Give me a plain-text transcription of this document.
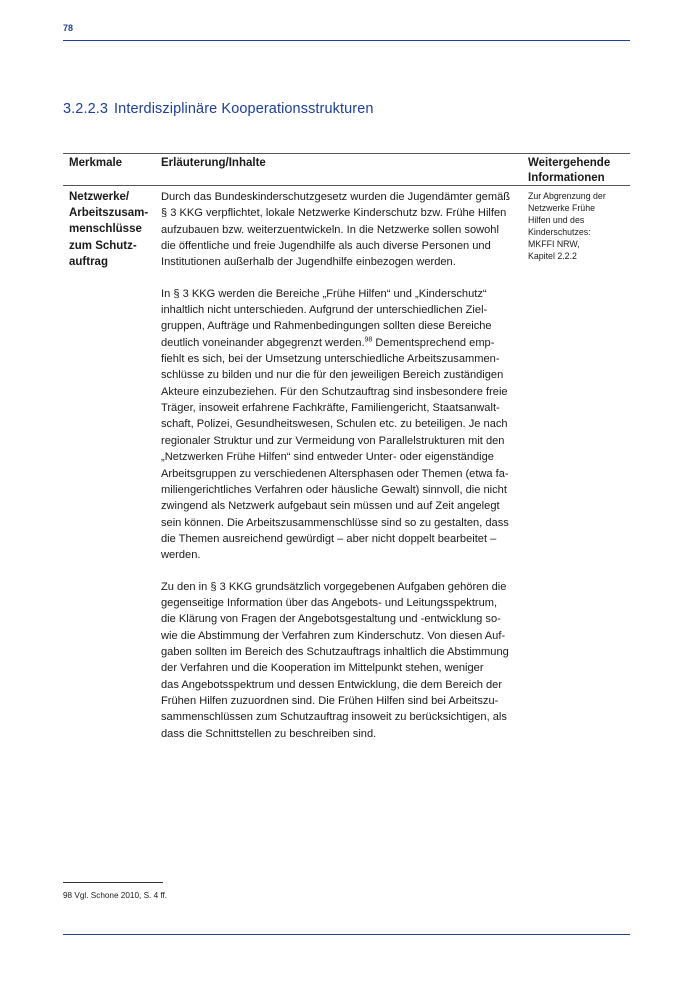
78
3.2.2.3 Interdisziplinäre Kooperationsstrukturen
Merkmale	Erläuterung/Inhalte	Weitergehende Informationen
Netzwerke/
Arbeitszusam-
menschlüsse
zum Schutz-
auftrag

Durch das Bundeskinderschutzgesetz wurden die Jugendämter gemäß
§ 3 KKG verpflichtet, lokale Netzwerke Kinderschutz bzw. Frühe Hilfen
aufzubauen bzw. weiterzuentwickeln. In die Netzwerke sollen sowohl
die öffentliche und freie Jugendhilfe als auch diverse Personen und
Institutionen außerhalb der Jugendhilfe einbezogen werden.

In § 3 KKG werden die Bereiche „Frühe Hilfen“ und „Kinderschutz“
inhaltlich nicht unterschieden. Aufgrund der unterschiedlichen Ziel-
gruppen, Aufträge und Rahmenbedingungen sollten diese Bereiche
deutlich voneinander abgegrenzt werden.$^{98}$ Dementsprechend emp-
fiehlt es sich, bei der Umsetzung unterschiedliche Arbeitszusammen-
schlüsse zu bilden und nur die für den jeweiligen Bereich zuständigen
Akteure einzubeziehen. Für den Schutzauftrag sind insbesondere freie
Träger, insoweit erfahrene Fachkräfte, Familiengericht, Staatsanwalt-
schaft, Polizei, Gesundheitswesen, Schulen etc. zu beteiligen. Je nach
regionaler Struktur und zur Vermeidung von Parallelstrukturen mit den
„Netzwerken Frühe Hilfen“ sind entweder Unter- oder eigenständige
Arbeitsgruppen zu verschiedenen Altersphasen oder Themen (etwa fa-
miliengerichtliches Verfahren oder häusliche Gewalt) sinnvoll, die nicht
zwingend als Netzwerk aufgebaut sein müssen und auf Zeit angelegt
sein können. Die Arbeitszusammenschlüsse sind so zu gestalten, dass
die Themen ausreichend gewürdigt – aber nicht doppelt bearbeitet –
werden.

Zu den in § 3 KKG grundsätzlich vorgegebenen Aufgaben gehören die
gegenseitige Information über das Angebots- und Leitungsspektrum,
die Klärung von Fragen der Angebotsgestaltung und -entwicklung so-
wie die Abstimmung der Verfahren zum Kinderschutz. Von diesen Auf-
gaben sollten im Bereich des Schutzauftrags inhaltlich die Abstimmung
der Verfahren und die Kooperation im Mittelpunkt stehen, weniger
das Angebotsspektrum und dessen Entwicklung, die dem Bereich der
Frühen Hilfen zuzuordnen sind. Die Frühen Hilfen sind bei Arbeitszu-
sammenschlüssen zum Schutzauftrag insoweit zu berücksichtigen, als
dass die Schnittstellen zu beschreiben sind.

Zur Abgrenzung der
Netzwerke Frühe
Hilfen und des
Kinderschutzes:
MKFFI NRW,
Kapitel 2.2.2
98 Vgl. Schone 2010, S. 4 ff.
